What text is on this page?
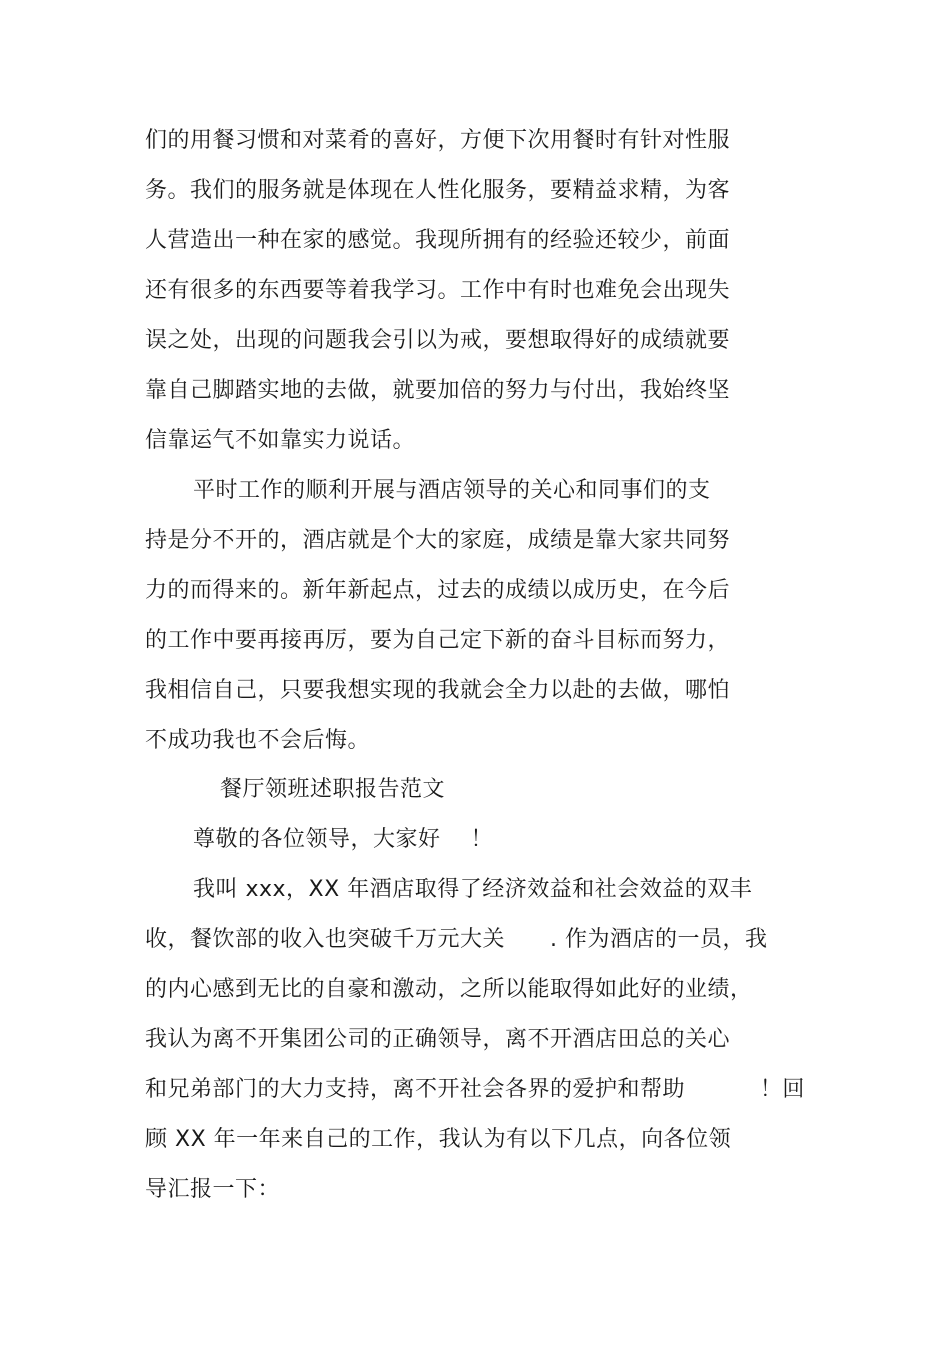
们的用餐习惯和对菜肴的喜好，方便下次用餐时有针对性服
务。我们的服务就是体现在人性化服务，要精益求精，为客
人营造出一种在家的感觉。我现所拥有的经验还较少，前面
还有很多的东西要等着我学习。工作中有时也难免会出现失
误之处，出现的问题我会引以为戒，要想取得好的成绩就要
靠自己脚踏实地的去做，就要加倍的努力与付出，我始终坚
信靠运气不如靠实力说话。
平时工作的顺利开展与酒店领导的关心和同事们的支
持是分不开的，酒店就是个大的家庭，成绩是靠大家共同努
力的而得来的。新年新起点，过去的成绩以成历史，在今后
的工作中要再接再厉，要为自己定下新的奋斗目标而努力，
我相信自己，只要我想实现的我就会全力以赴的去做，哪怕
不成功我也不会后悔。
餐厅领班述职报告范文
尊敬的各位领导，大家好    ！
我叫 xxx，XX 年酒店取得了经济效益和社会效益的双丰
收，餐饮部的收入也突破千万元大关      . 作为酒店的一员，我
的内心感到无比的自豪和激动，之所以能取得如此好的业绩，
我认为离不开集团公司的正确领导，离不开酒店田总的关心
和兄弟部门的大力支持，离不开社会各界的爱护和帮助          ！回
顾 XX 年一年来自己的工作，我认为有以下几点，向各位领
导汇报一下：
